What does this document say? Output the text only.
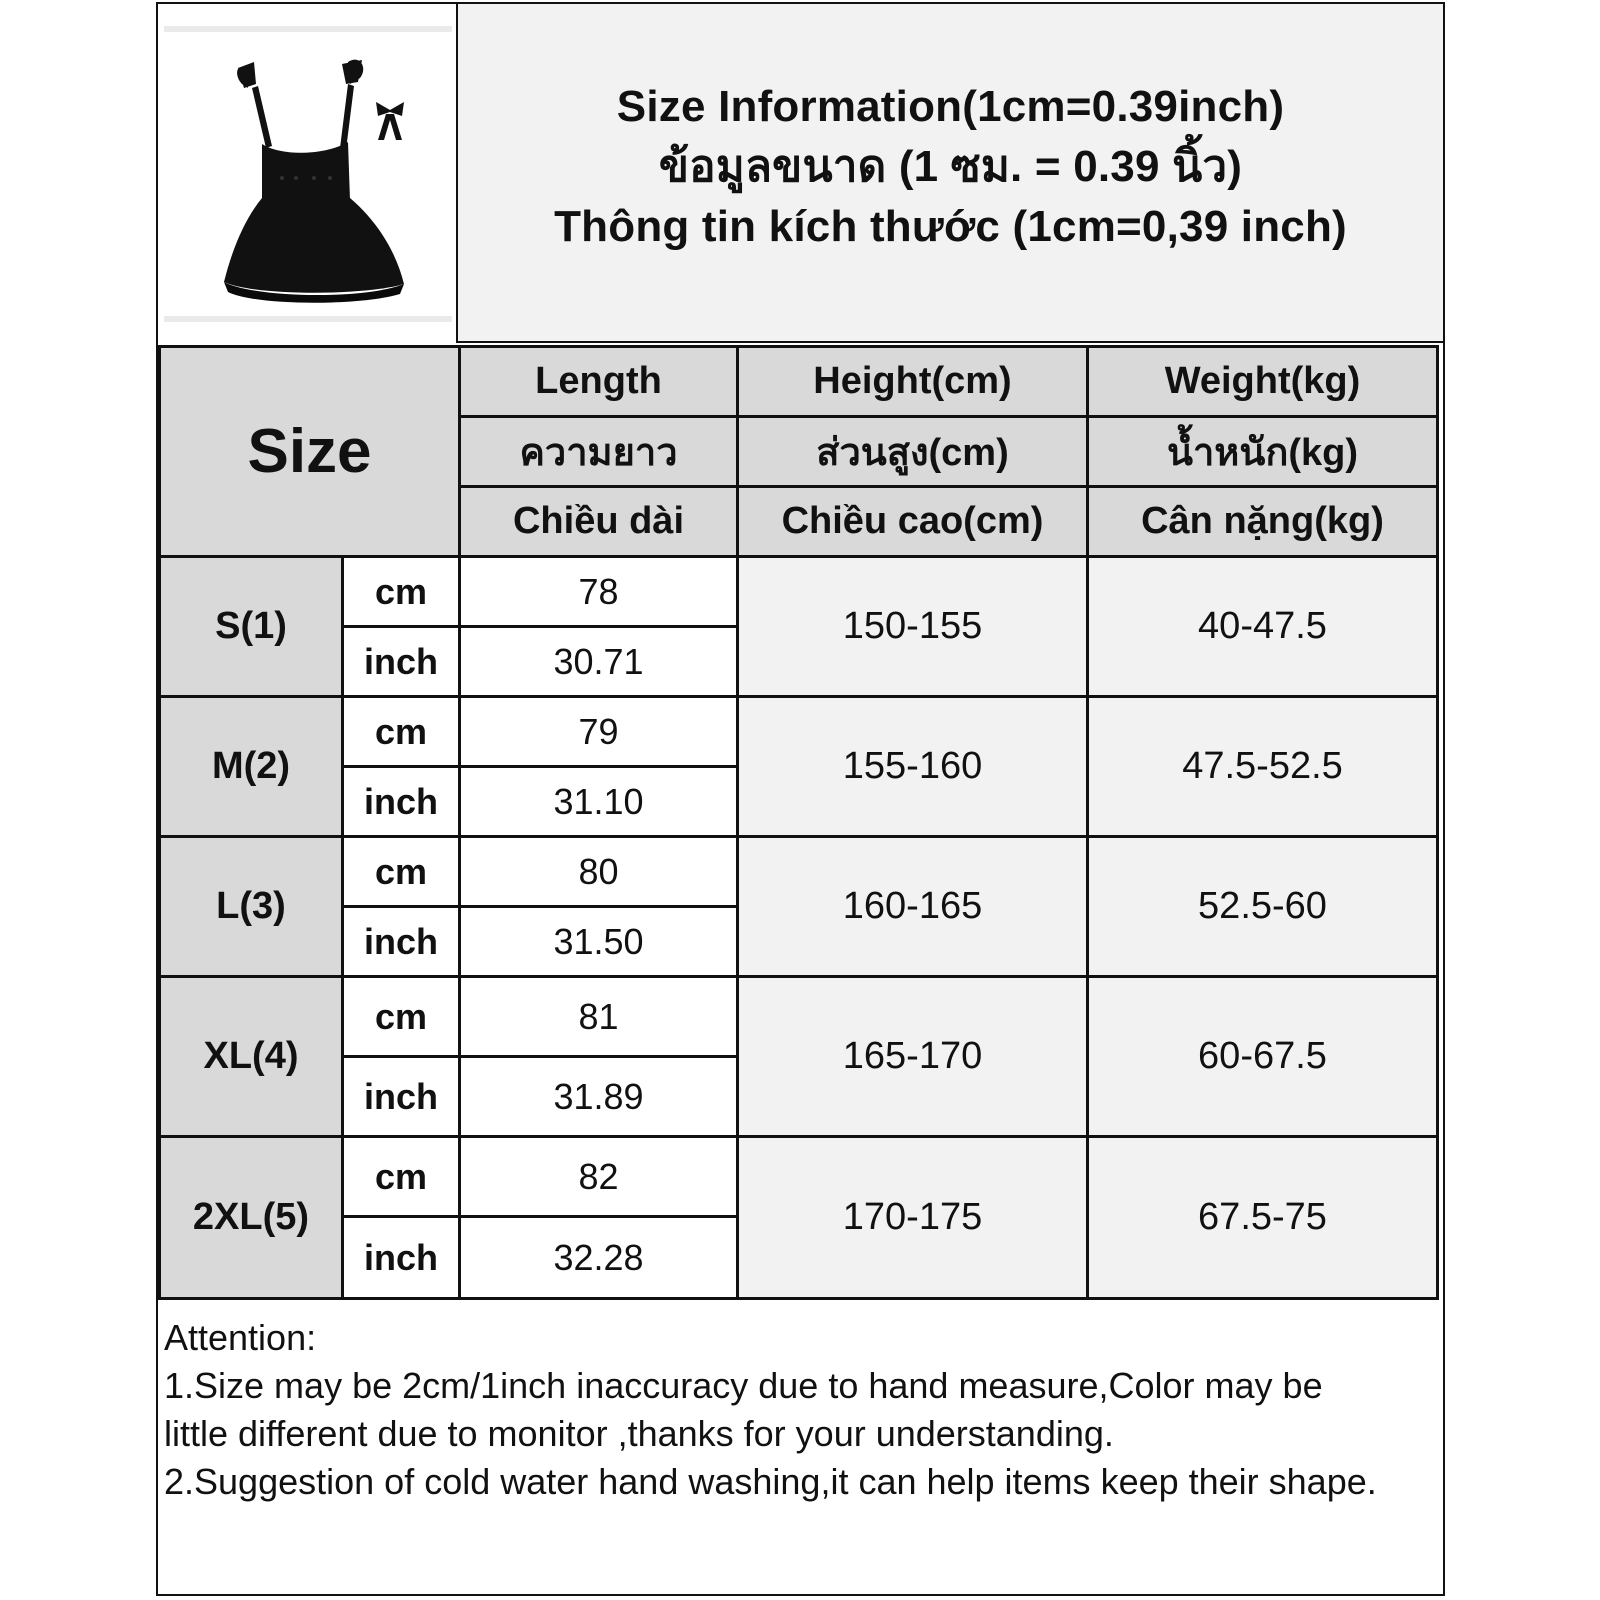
Size Information(1cm=0.39inch)
ข้อมูลขนาด (1 ซม. = 0.39 นิ้ว)
Thông tin kích thước (1cm=0,39 inch)
Size		Length	Height(cm)	Weight(kg)
		ความยาว	ส่วนสูง(cm)	น้ำหนัก(kg)
		Chiều dài	Chiều cao(cm)	Cân nặng(kg)
S(1)	cm	78	150-155	40-47.5
	inch	30.71		
M(2)	cm	79	155-160	47.5-52.5
	inch	31.10		
L(3)	cm	80	160-165	52.5-60
	inch	31.50		
XL(4)	cm	81	165-170	60-67.5
	inch	31.89		
2XL(5)	cm	82	170-175	67.5-75
	inch	32.28		
Attention:
1.Size may be 2cm/1inch inaccuracy due to hand measure,Color may be
little different due to monitor ,thanks for your understanding.
2.Suggestion of cold water hand washing,it can help items keep their shape.
